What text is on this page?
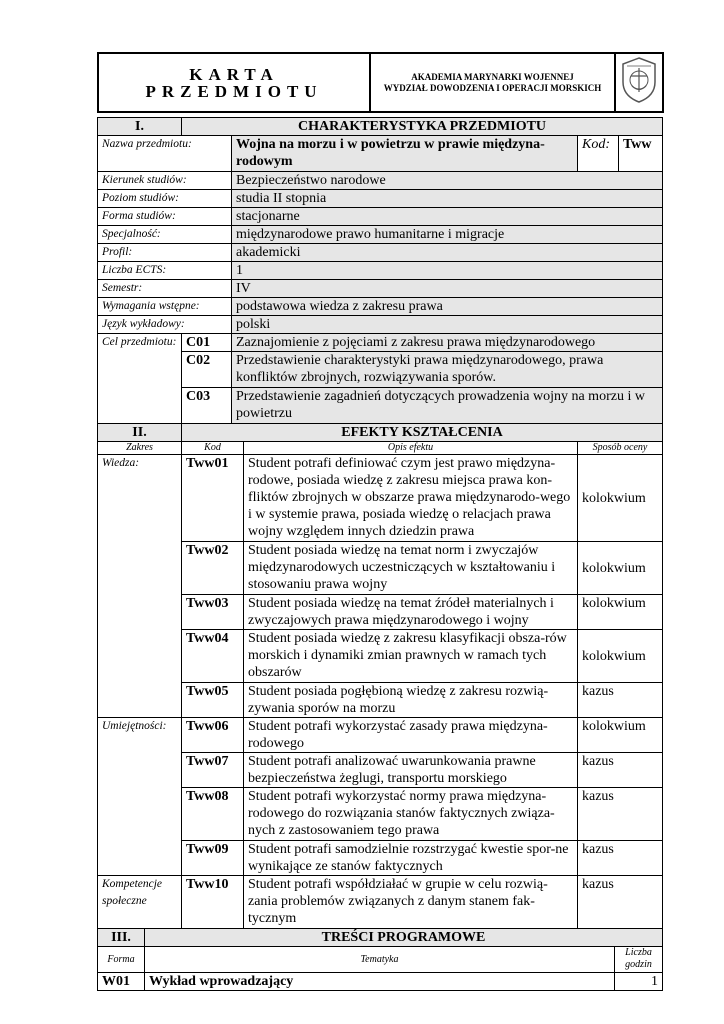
KARTA PRZEDMIOTU	
AKADEMIA MARYNARKI WOJENNEJ
WYDZIAŁ DOWODZENIA I OPERACJI MORSKICH

I.	CHARAKTERYSTYKA PRZEDMIOTU			
Nazwa przedmiotu:		Wojna na morzu i w powietrzu w prawie międzyna-rodowym	Kod:	Tww
Kierunek studiów:		Bezpieczeństwo narodowe		
Poziom studiów:		studia II stopnia		
Forma studiów:		stacjonarne		
Specjalność:		międzynarodowe prawo humanitarne i migracje		
Profil:		akademicki		
Liczba ECTS:		1		
Semestr:		IV		
Wymagania wstępne:		podstawowa wiedza z zakresu prawa		
Język wykładowy:		polski		
Cel przedmiotu:	C01	Zaznajomienie z pojęciami z zakresu prawa międzynarodowego		
	C02	Przedstawienie charakterystyki prawa międzynarodowego, prawa konfliktów zbrojnych, rozwiązywania sporów.		
	C03	Przedstawienie zagadnień dotyczących prowadzenia wojny na morzu i w powietrzu		
II.	EFEKTY KSZTAŁCENIA		
Zakres	Kod	Opis efektu	Sposób oceny
Wiedza:	Tww01	Student potrafi definiować czym jest prawo międzyna-rodowe, posiada wiedzę z zakresu miejsca prawa kon-fliktów zbrojnych w obszarze prawa międzynarodo-wego i w systemie prawa, posiada wiedzę o relacjach prawa wojny względem innych dziedzin prawa	kolokwium
	Tww02	Student posiada wiedzę na temat norm i zwyczajów międzynarodowych uczestniczących w kształtowaniu i stosowaniu prawa wojny	kolokwium
	Tww03	Student posiada wiedzę na temat źródeł materialnych i zwyczajowych prawa międzynarodowego i wojny	kolokwium
	Tww04	Student posiada wiedzę z zakresu klasyfikacji obsza-rów morskich i dynamiki zmian prawnych w ramach tych obszarów	kolokwium
	Tww05	Student posiada pogłębioną wiedzę z zakresu rozwią-zywania sporów na morzu	kazus
Umiejętności:	Tww06	Student potrafi wykorzystać zasady prawa międzyna-rodowego	kolokwium
	Tww07	Student potrafi analizować uwarunkowania prawne bezpieczeństwa żeglugi, transportu morskiego	kazus
	Tww08	Student potrafi wykorzystać normy prawa międzyna-rodowego do rozwiązania stanów faktycznych związa-nych z zastosowaniem tego prawa	kazus
	Tww09	Student potrafi samodzielnie rozstrzygać kwestie spor-ne wynikające ze stanów faktycznych	kazus
Kompetencje społeczne	Tww10	Student potrafi współdziałać w grupie w celu rozwią-zania problemów związanych z danym stanem fak-tycznym	kazus
III.	TREŚCI PROGRAMOWE	
Forma	Tematyka	Liczba godzin
W01	Wykład wprowadzający	1
